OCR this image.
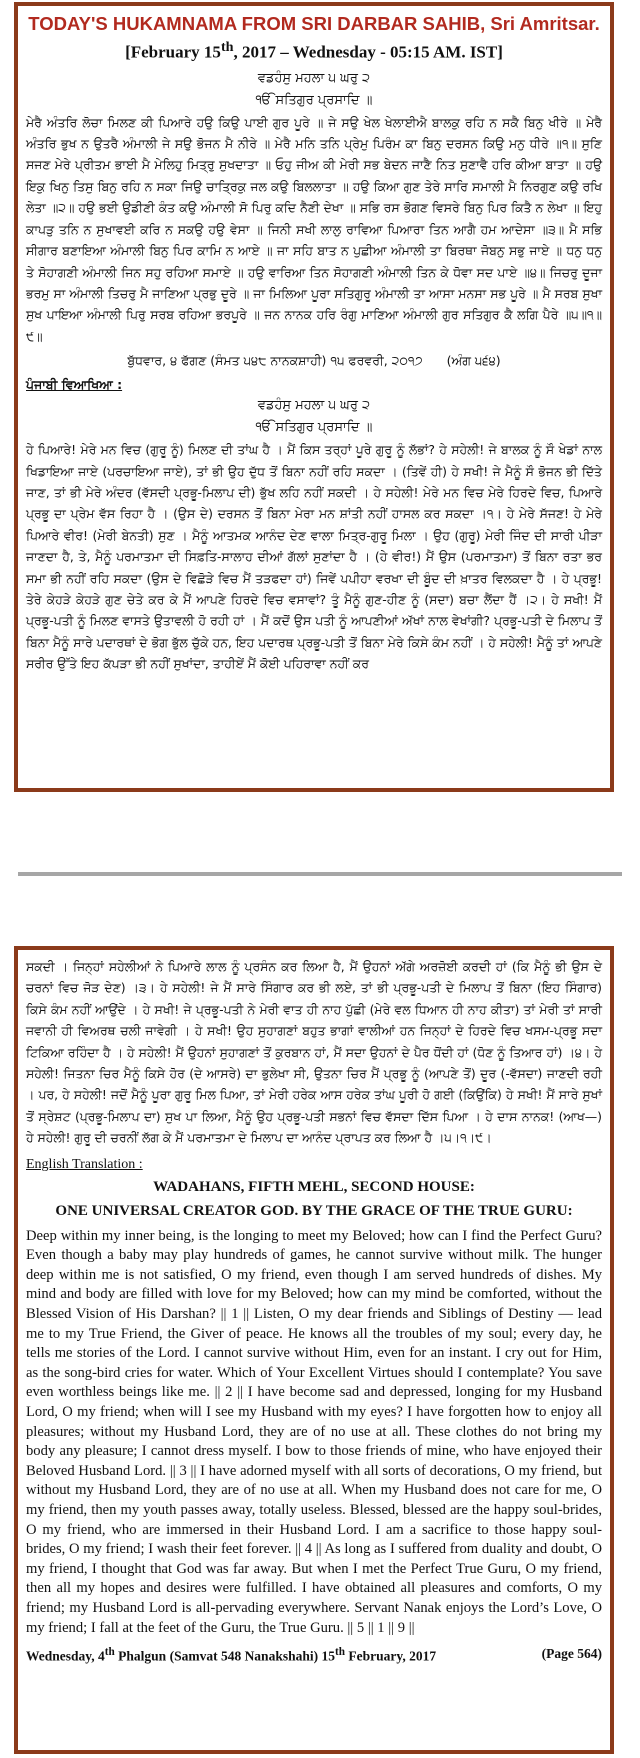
TODAY'S HUKAMNAMA FROM SRI DARBAR SAHIB, Sri Amritsar.

[February 15th, 2017 – Wednesday - 05:15 AM. IST]

ਵਡਹੰਸੁ ਮਹਲਾ ੫ ਘਰੁ ੨
ੴ ਸਤਿਗੁਰ ਪ੍ਰਸਾਦਿ ॥

ਮੇਰੈ ਅੰਤਰਿ ਲੋਚਾ ਮਿਲਣ ਕੀ ਪਿਆਰੇ ਹਉ ਕਿਉ ਪਾਈ ਗੁਰ ਪੂਰੇ ॥ ਜੇ ਸਉ ਖੇਲ ਖੇਲਾਈਐ ਬਾਲਕੁ ਰਹਿ ਨ ਸਕੈ ਬਿਨੁ ਖੀਰੇ ॥ ਮੇਰੈ ਅੰਤਰਿ ਭੁਖ ਨ ਉਤਰੈ ਅੰਮਾਲੀ ਜੇ ਸਉ ਭੋਜਨ ਮੈ ਨੀਰੇ ॥ ਮੇਰੈ ਮਨਿ ਤਨਿ ਪ੍ਰੇਮੁ ਪਿਰੰਮ ਕਾ ਬਿਨੁ ਦਰਸਨ ਕਿਉ ਮਨੁ ਧੀਰੇ ॥੧॥ ਸੁਣਿ ਸਜਣ ਮੇਰੇ ਪ੍ਰੀਤਮ ਭਾਈ ਮੈ ਮੇਲਿਹੁ ਮਿਤ੍ਰੁ ਸੁਖਦਾਤਾ ॥ ਓਹੁ ਜੀਅ ਕੀ ਮੇਰੀ ਸਭ ਬੇਦਨ ਜਾਣੈ ਨਿਤ ਸੁਣਾਵੈ ਹਰਿ ਕੀਆ ਬਾਤਾ ॥ ਹਉ ਇਕੁ ਖਿਨੁ ਤਿਸੁ ਬਿਨੁ ਰਹਿ ਨ ਸਕਾ ਜਿਉ ਚਾਤ੍ਰਿਕੁ ਜਲ ਕਉ ਬਿਲਲਾਤਾ ॥ ਹਉ ਕਿਆ ਗੁਣ ਤੇਰੇ ਸਾਰਿ ਸਮਾਲੀ ਮੈ ਨਿਰਗੁਣ ਕਉ ਰਖਿ ਲੇਤਾ ॥੨॥ ਹਉ ਭਈ ਉਡੀਣੀ ਕੰਤ ਕਉ ਅੰਮਾਲੀ ਸੋ ਪਿਰੁ ਕਦਿ ਨੈਣੀ ਦੇਖਾ ॥ ਸਭਿ ਰਸ ਭੋਗਣ ਵਿਸਰੇ ਬਿਨੁ ਪਿਰ ਕਿਤੈ ਨ ਲੇਖਾ ॥ ਇਹੁ ਕਾਪੜੁ ਤਨਿ ਨ ਸੁਖਾਵਈ ਕਰਿ ਨ ਸਕਉ ਹਉ ਵੇਸਾ ॥ ਜਿਨੀ ਸਖੀ ਲਾਲੁ ਰਾਵਿਆ ਪਿਆਰਾ ਤਿਨ ਆਗੈ ਹਮ ਆਦੇਸਾ ॥੩॥ ਮੈ ਸਭਿ ਸੀਗਾਰ ਬਣਾਇਆ ਅੰਮਾਲੀ ਬਿਨੁ ਪਿਰ ਕਾਮਿ ਨ ਆਏ ॥ ਜਾ ਸਹਿ ਬਾਤ ਨ ਪੁਛੀਆ ਅੰਮਾਲੀ ਤਾ ਬਿਰਥਾ ਜੋਬਨੁ ਸਭੁ ਜਾਏ ॥ ਧਨੁ ਧਨੁ ਤੇ ਸੋਹਾਗਣੀ ਅੰਮਾਲੀ ਜਿਨ ਸਹੁ ਰਹਿਆ ਸਮਾਏ ॥ ਹਉ ਵਾਰਿਆ ਤਿਨ ਸੋਹਾਗਣੀ ਅੰਮਾਲੀ ਤਿਨ ਕੇ ਧੋਵਾ ਸਦ ਪਾਏ ॥੪॥ ਜਿਚਰੁ ਦੂਜਾ ਭਰਮੁ ਸਾ ਅੰਮਾਲੀ ਤਿਚਰੁ ਮੈ ਜਾਣਿਆ ਪ੍ਰਭੁ ਦੂਰੇ ॥ ਜਾ ਮਿਲਿਆ ਪੂਰਾ ਸਤਿਗੁਰੂ ਅੰਮਾਲੀ ਤਾ ਆਸਾ ਮਨਸਾ ਸਭ ਪੂਰੇ ॥ ਮੈ ਸਰਬ ਸੁਖਾ ਸੁਖ ਪਾਇਆ ਅੰਮਾਲੀ ਪਿਰੁ ਸਰਬ ਰਹਿਆ ਭਰਪੂਰੇ ॥ ਜਨ ਨਾਨਕ ਹਰਿ ਰੰਗੁ ਮਾਣਿਆ ਅੰਮਾਲੀ ਗੁਰ ਸਤਿਗੁਰ ਕੈ ਲਗਿ ਪੈਰੇ ॥੫॥੧॥੯॥

ਬੁੱਧਵਾਰ, ੪ ਫੱਗਣ (ਸੰਮਤ ੫੪੮ ਨਾਨਕਸ਼ਾਹੀ) ੧੫ ਫਰਵਰੀ, ੨੦੧੭ (ਅੰਗ ੫੬੪)
ਪੰਜਾਬੀ ਵਿਆਖਿਆ :
ਵਡਹੰਸੁ ਮਹਲਾ ੫ ਘਰੁ ੨
ੴ ਸਤਿਗੁਰ ਪ੍ਰਸਾਦਿ ॥

ਹੇ ਪਿਆਰੇ! ਮੇਰੇ ਮਨ ਵਿਚ (ਗੁਰੂ ਨੂੰ) ਮਿਲਣ ਦੀ ਤਾਂਘ ਹੈ । ਮੈਂ ਕਿਸ ਤਰ੍ਹਾਂ ਪੂਰੇ ਗੁਰੂ ਨੂੰ ਲੱਭਾਂ? ਹੇ ਸਹੇਲੀ! ਜੇ ਬਾਲਕ ਨੂੰ ਸੌ ਖੇਡਾਂ ਨਾਲ ਖਿਡਾਇਆ ਜਾਏ (ਪਰਚਾਇਆ ਜਾਏ), ਤਾਂ ਭੀ ਉਹ ਦੁੱਧ ਤੋਂ ਬਿਨਾ ਨਹੀਂ ਰਹਿ ਸਕਦਾ । (ਤਿਵੇਂ ਹੀ) ਹੇ ਸਖੀ! ਜੇ ਮੈਨੂੰ ਸੌ ਭੋਜਨ ਭੀ ਦਿੱਤੇ ਜਾਣ, ਤਾਂ ਭੀ ਮੇਰੇ ਅੰਦਰ (ਵੱਸਦੀ ਪ੍ਰਭੂ-ਮਿਲਾਪ ਦੀ) ਭੁੱਖ ਲਹਿ ਨਹੀਂ ਸਕਦੀ । ਹੇ ਸਹੇਲੀ! ਮੇਰੇ ਮਨ ਵਿਚ ਮੇਰੇ ਹਿਰਦੇ ਵਿਚ, ਪਿਆਰੇ ਪ੍ਰਭੂ ਦਾ ਪ੍ਰੇਮ ਵੱਸ ਰਿਹਾ ਹੈ । (ਉਸ ਦੇ) ਦਰਸਨ ਤੋਂ ਬਿਨਾ ਮੇਰਾ ਮਨ ਸ਼ਾਂਤੀ ਨਹੀਂ ਹਾਸਲ ਕਰ ਸਕਦਾ ।੧। ਹੇ ਮੇਰੇ ਸੱਜਣ! ਹੇ ਮੇਰੇ ਪਿਆਰੇ ਵੀਰ! (ਮੇਰੀ ਬੇਨਤੀ) ਸੁਣ । ਮੈਨੂੰ ਆਤਮਕ ਆਨੰਦ ਦੇਣ ਵਾਲਾ ਮਿਤ੍ਰ-ਗੁਰੂ ਮਿਲਾ । ਉਹ (ਗੁਰੂ) ਮੇਰੀ ਜਿੰਦ ਦੀ ਸਾਰੀ ਪੀੜਾ ਜਾਣਦਾ ਹੈ, ਤੇ, ਮੈਨੂੰ ਪਰਮਾਤਮਾ ਦੀ ਸਿਫ਼ਤਿ-ਸਾਲਾਹ ਦੀਆਂ ਗੱਲਾਂ ਸੁਣਾਂਦਾ ਹੈ । (ਹੇ ਵੀਰ!) ਮੈਂ ਉਸ (ਪਰਮਾਤਮਾ) ਤੋਂ ਬਿਨਾ ਰਤਾ ਭਰ ਸਮਾ ਭੀ ਨਹੀਂ ਰਹਿ ਸਕਦਾ (ਉਸ ਦੇ ਵਿਛੋੜੇ ਵਿਚ ਮੈਂ ਤੜਫਦਾ ਹਾਂ) ਜਿਵੇਂ ਪਪੀਹਾ ਵਰਖਾ ਦੀ ਬੂੰਦ ਦੀ ਖ਼ਾਤਰ ਵਿਲਕਦਾ ਹੈ । ਹੇ ਪ੍ਰਭੂ! ਤੇਰੇ ਕੇਹੜੇ ਕੇਹੜੇ ਗੁਣ ਚੇਤੇ ਕਰ ਕੇ ਮੈਂ ਆਪਣੇ ਹਿਰਦੇ ਵਿਚ ਵਸਾਵਾਂ? ਤੂੰ ਮੈਨੂੰ ਗੁਣ-ਹੀਣ ਨੂੰ (ਸਦਾ) ਬਚਾ ਲੈਂਦਾ ਹੈਂ ।੨। ਹੇ ਸਖੀ! ਮੈਂ ਪ੍ਰਭੂ-ਪਤੀ ਨੂੰ ਮਿਲਣ ਵਾਸਤੇ ਉਤਾਵਲੀ ਹੋ ਰਹੀ ਹਾਂ । ਮੈਂ ਕਦੋਂ ਉਸ ਪਤੀ ਨੂੰ ਆਪਣੀਆਂ ਅੱਖਾਂ ਨਾਲ ਵੇਖਾਂਗੀ? ਪ੍ਰਭੂ-ਪਤੀ ਦੇ ਮਿਲਾਪ ਤੋਂ ਬਿਨਾ ਮੈਨੂੰ ਸਾਰੇ ਪਦਾਰਥਾਂ ਦੇ ਭੋਗ ਭੁੱਲ ਚੁੱਕੇ ਹਨ, ਇਹ ਪਦਾਰਥ ਪ੍ਰਭੂ-ਪਤੀ ਤੋਂ ਬਿਨਾ ਮੇਰੇ ਕਿਸੇ ਕੰਮ ਨਹੀਂ । ਹੇ ਸਹੇਲੀ! ਮੈਨੂੰ ਤਾਂ ਆਪਣੇ ਸਰੀਰ ਉੱਤੇ ਇਹ ਕੱਪੜਾ ਭੀ ਨਹੀਂ ਸੁਖਾਂਦਾ, ਤਾਹੀਏਂ ਮੈਂ ਕੋਈ ਪਹਿਰਾਵਾ ਨਹੀਂ ਕਰ

ਸਕਦੀ । ਜਿਨ੍ਹਾਂ ਸਹੇਲੀਆਂ ਨੇ ਪਿਆਰੇ ਲਾਲ ਨੂੰ ਪ੍ਰਸੰਨ ਕਰ ਲਿਆ ਹੈ, ਮੈਂ ਉਹਨਾਂ ਅੱਗੇ ਅਰਜ਼ੋਈ ਕਰਦੀ ਹਾਂ (ਕਿ ਮੈਨੂੰ ਭੀ ਉਸ ਦੇ ਚਰਨਾਂ ਵਿਚ ਜੋੜ ਦੇਣ) ।੩। ਹੇ ਸਹੇਲੀ! ਜੇ ਮੈਂ ਸਾਰੇ ਸਿੰਗਾਰ ਕਰ ਭੀ ਲਏ, ਤਾਂ ਭੀ ਪ੍ਰਭੂ-ਪਤੀ ਦੇ ਮਿਲਾਪ ਤੋਂ ਬਿਨਾ (ਇਹ ਸਿੰਗਾਰ) ਕਿਸੇ ਕੰਮ ਨਹੀਂ ਆਉਂਦੇ । ਹੇ ਸਖੀ! ਜੇ ਪ੍ਰਭੂ-ਪਤੀ ਨੇ ਮੇਰੀ ਵਾਤ ਹੀ ਨਾਹ ਪੁੱਛੀ (ਮੇਰੇ ਵਲ ਧਿਆਨ ਹੀ ਨਾਹ ਕੀਤਾ) ਤਾਂ ਮੇਰੀ ਤਾਂ ਸਾਰੀ ਜਵਾਨੀ ਹੀ ਵਿਅਰਥ ਚਲੀ ਜਾਵੇਗੀ । ਹੇ ਸਖੀ! ਉਹ ਸੁਹਾਗਣਾਂ ਬਹੁਤ ਭਾਗਾਂ ਵਾਲੀਆਂ ਹਨ ਜਿਨ੍ਹਾਂ ਦੇ ਹਿਰਦੇ ਵਿਚ ਖਸਮ-ਪ੍ਰਭੂ ਸਦਾ ਟਿਕਿਆ ਰਹਿੰਦਾ ਹੈ । ਹੇ ਸਹੇਲੀ! ਮੈਂ ਉਹਨਾਂ ਸੁਹਾਗਣਾਂ ਤੋਂ ਕੁਰਬਾਨ ਹਾਂ, ਮੈਂ ਸਦਾ ਉਹਨਾਂ ਦੇ ਪੈਰ ਧੋਂਦੀ ਹਾਂ (ਧੋਣ ਨੂੰ ਤਿਆਰ ਹਾਂ) ।੪। ਹੇ ਸਹੇਲੀ! ਜਿਤਨਾ ਚਿਰ ਮੈਨੂੰ ਕਿਸੇ ਹੋਰ (ਦੇ ਆਸਰੇ) ਦਾ ਭੁਲੇਖਾ ਸੀ, ਉਤਨਾ ਚਿਰ ਮੈਂ ਪ੍ਰਭੂ ਨੂੰ (ਆਪਣੇ ਤੋਂ) ਦੂਰ (-ਵੱਸਦਾ) ਜਾਣਦੀ ਰਹੀ । ਪਰ, ਹੇ ਸਹੇਲੀ! ਜਦੋਂ ਮੈਨੂੰ ਪੂਰਾ ਗੁਰੂ ਮਿਲ ਪਿਆ, ਤਾਂ ਮੇਰੀ ਹਰੇਕ ਆਸ ਹਰੇਕ ਤਾਂਘ ਪੂਰੀ ਹੋ ਗਈ (ਕਿਉਂਕਿ) ਹੇ ਸਖੀ! ਮੈਂ ਸਾਰੇ ਸੁਖਾਂ ਤੋਂ ਸ੍ਰੇਸ਼ਟ (ਪ੍ਰਭੂ-ਮਿਲਾਪ ਦਾ) ਸੁਖ ਪਾ ਲਿਆ, ਮੈਨੂੰ ਉਹ ਪ੍ਰਭੂ-ਪਤੀ ਸਭਨਾਂ ਵਿਚ ਵੱਸਦਾ ਦਿੱਸ ਪਿਆ । ਹੇ ਦਾਸ ਨਾਨਕ! (ਆਖ—) ਹੇ ਸਹੇਲੀ! ਗੁਰੂ ਦੀ ਚਰਨੀਂ ਲੱਗ ਕੇ ਮੈਂ ਪਰਮਾਤਮਾ ਦੇ ਮਿਲਾਪ ਦਾ ਆਨੰਦ ਪ੍ਰਾਪਤ ਕਰ ਲਿਆ ਹੈ ।੫।੧।੯।

English Translation :

WADAHANS, FIFTH MEHL, SECOND HOUSE:

ONE UNIVERSAL CREATOR GOD. BY THE GRACE OF THE TRUE GURU:

Deep within my inner being, is the longing to meet my Beloved; how can I find the Perfect Guru? Even though a baby may play hundreds of games, he cannot survive without milk. The hunger deep within me is not satisfied, O my friend, even though I am served hundreds of dishes. My mind and body are filled with love for my Beloved; how can my mind be comforted, without the Blessed Vision of His Darshan? || 1 || Listen, O my dear friends and Siblings of Destiny — lead me to my True Friend, the Giver of peace. He knows all the troubles of my soul; every day, he tells me stories of the Lord. I cannot survive without Him, even for an instant. I cry out for Him, as the song-bird cries for water. Which of Your Excellent Virtues should I contemplate? You save even worthless beings like me. || 2 || I have become sad and depressed, longing for my Husband Lord, O my friend; when will I see my Husband with my eyes? I have forgotten how to enjoy all pleasures; without my Husband Lord, they are of no use at all. These clothes do not bring my body any pleasure; I cannot dress myself. I bow to those friends of mine, who have enjoyed their Beloved Husband Lord. || 3 || I have adorned myself with all sorts of decorations, O my friend, but without my Husband Lord, they are of no use at all. When my Husband does not care for me, O my friend, then my youth passes away, totally useless. Blessed, blessed are the happy soul-brides, O my friend, who are immersed in their Husband Lord. I am a sacrifice to those happy soul-brides, O my friend; I wash their feet forever. || 4 || As long as I suffered from duality and doubt, O my friend, I thought that God was far away. But when I met the Perfect True Guru, O my friend, then all my hopes and desires were fulfilled. I have obtained all pleasures and comforts, O my friend; my Husband Lord is all-pervading everywhere. Servant Nanak enjoys the Lord’s Love, O my friend; I fall at the feet of the Guru, the True Guru. || 5 || 1 || 9 ||

Wednesday, 4th Phalgun (Samvat 548 Nanakshahi) 15th February, 2017	(Page 564)
